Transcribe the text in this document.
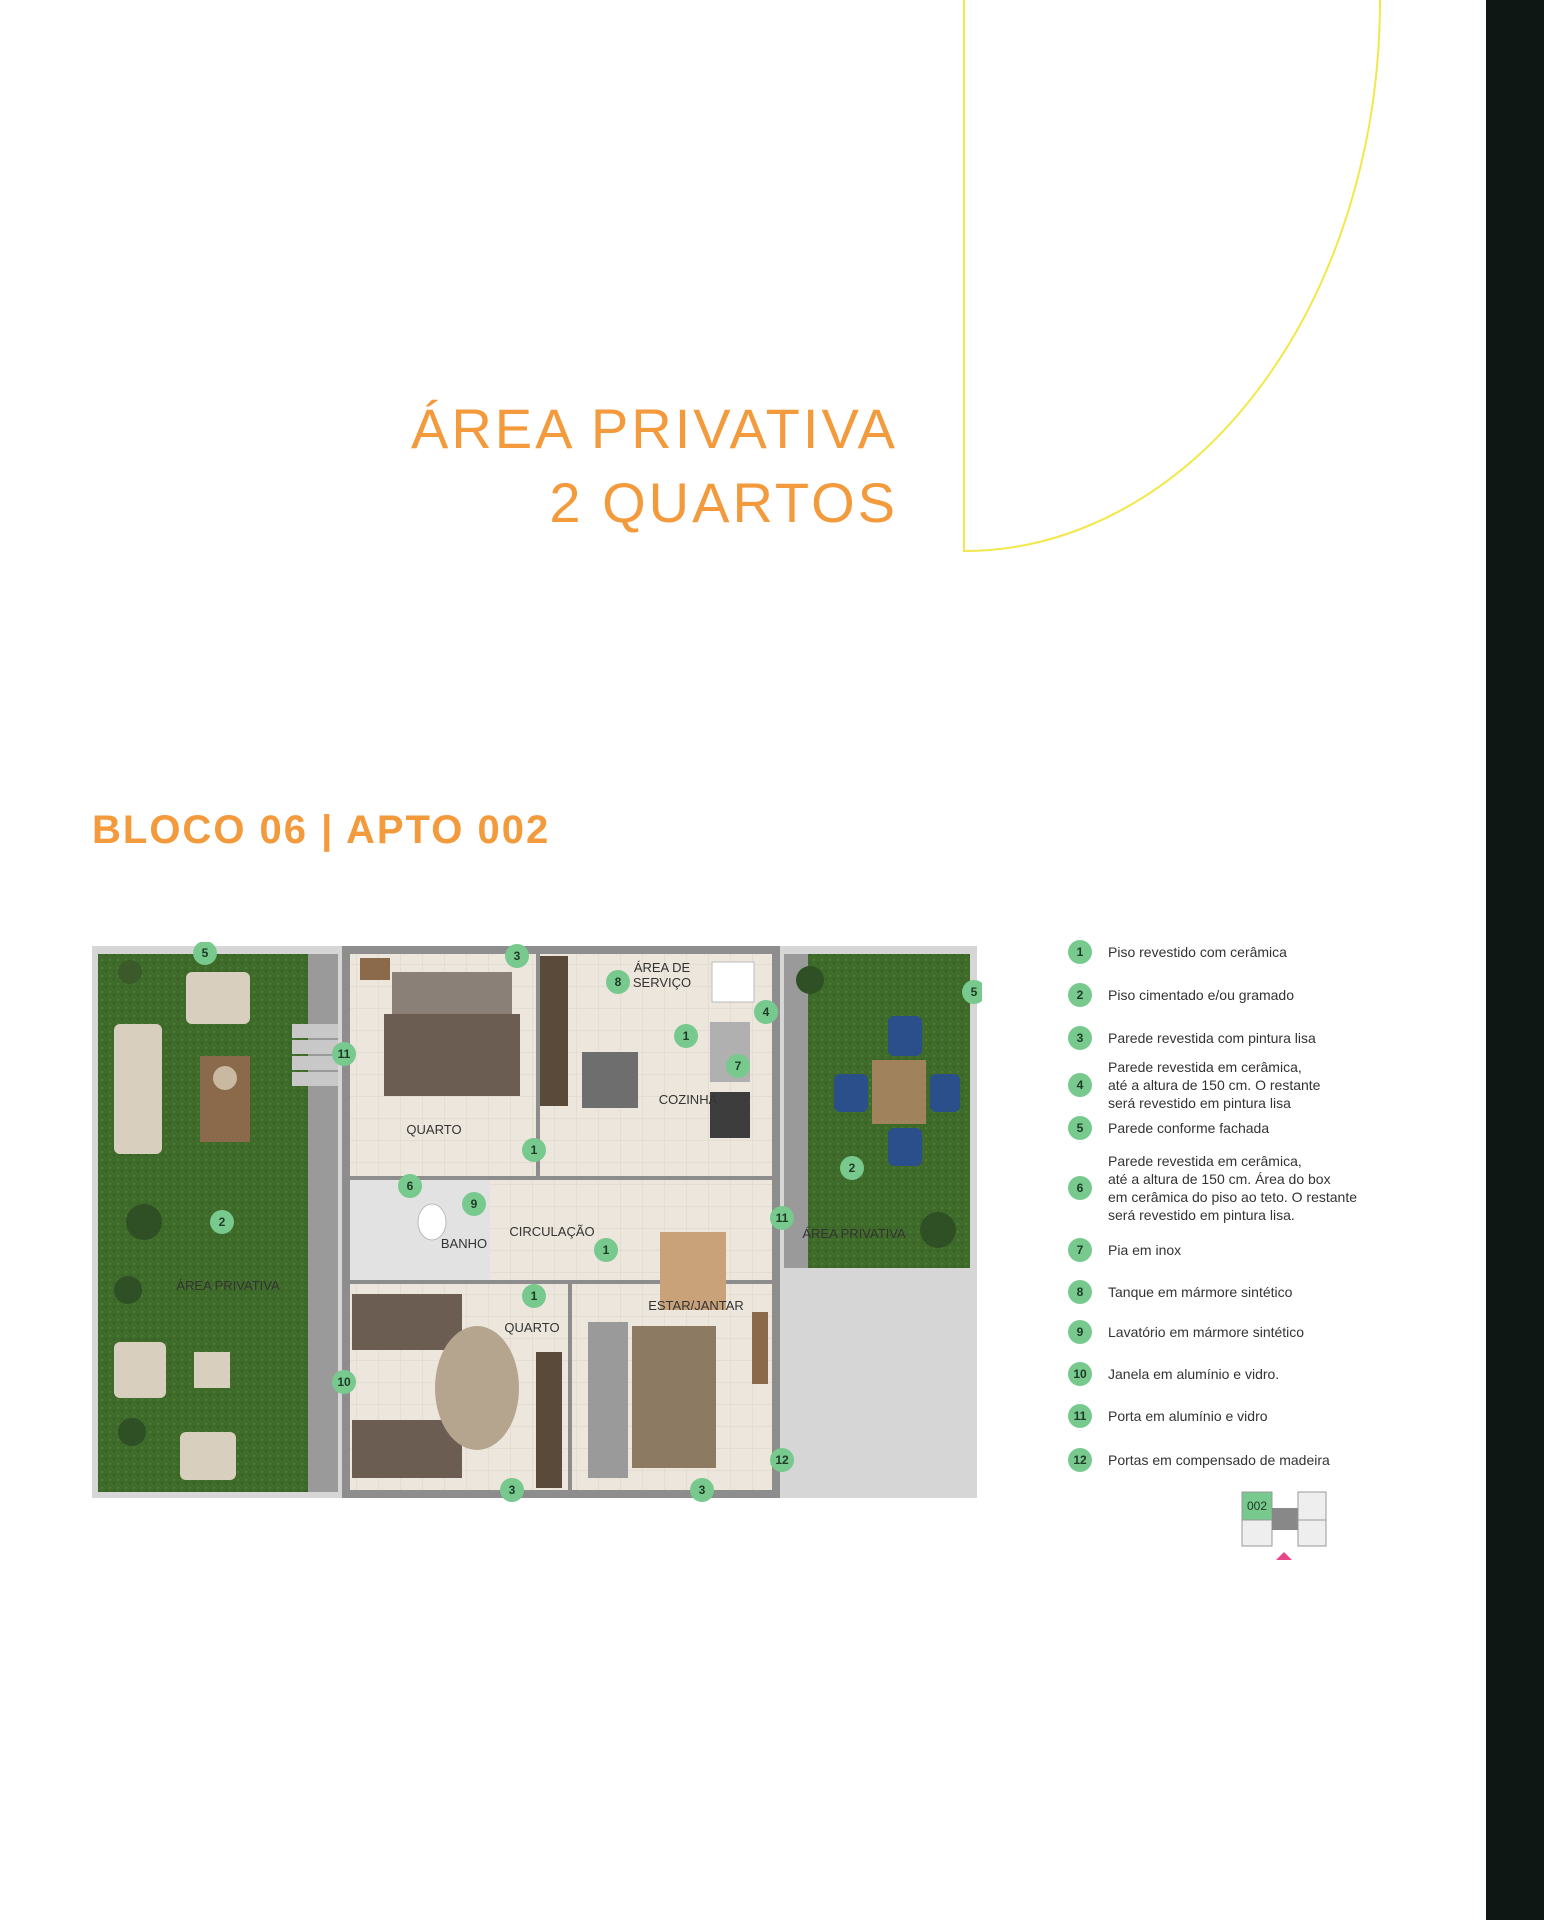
ÁREA PRIVATIVA
2 QUARTOS
BLOCO 06 | APTO 002
QUARTO
ÁREA DE SERVIÇO
COZINHA
BANHO
CIRCULAÇÃO
QUARTO
ESTAR/JANTAR
ÁREA PRIVATIVA
ÁREA PRIVATIVA
5	3
8
4
5
11
1
7
1
2
6
9
2	11
1
1
10
12
3	3
1	Piso revestido com cerâmica
2	Piso cimentado e/ou gramado
3	Parede revestida com pintura lisa
4
Parede revestida em cerâmica,
até a altura de 150 cm. O restante
será revestido em pintura lisa
5	Parede conforme fachada
6
Parede revestida em cerâmica,
até a altura de 150 cm. Área do box
em cerâmica do piso ao teto. O restante
será revestido em pintura lisa.
7	Pia em inox
8	Tanque em mármore sintético
9	Lavatório em mármore sintético
10	Janela em alumínio e vidro.
11	Porta em alumínio e vidro
12	Portas em compensado de madeira
002
